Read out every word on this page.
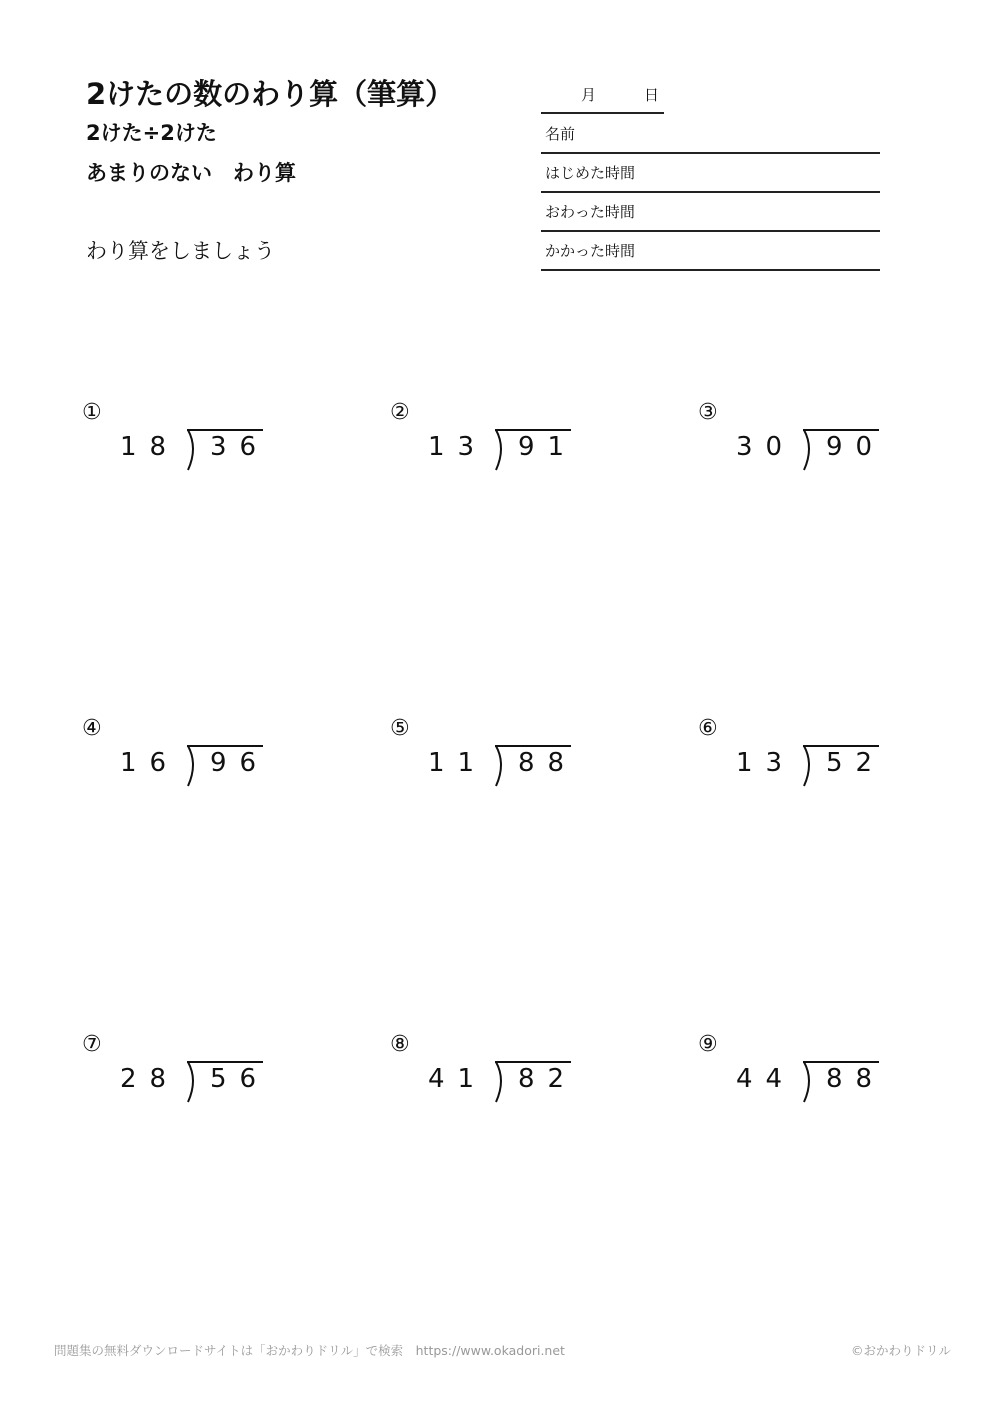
2けたの数のわり算（筆算）
2けた÷2けた
あまりのない　わり算
わり算をしましょう
月	日
名前
はじめた時間
おわった時間
かかった時間
①
18 36
②
13 91
③
30 90
④
16 96
⑤
11 88
⑥
13 52
⑦
28 56
⑧
41 82
⑨
44 88
問題集の無料ダウンロードサイトは「おかわりドリル」で検索　https://www.okadori.net	©おかわりドリル
